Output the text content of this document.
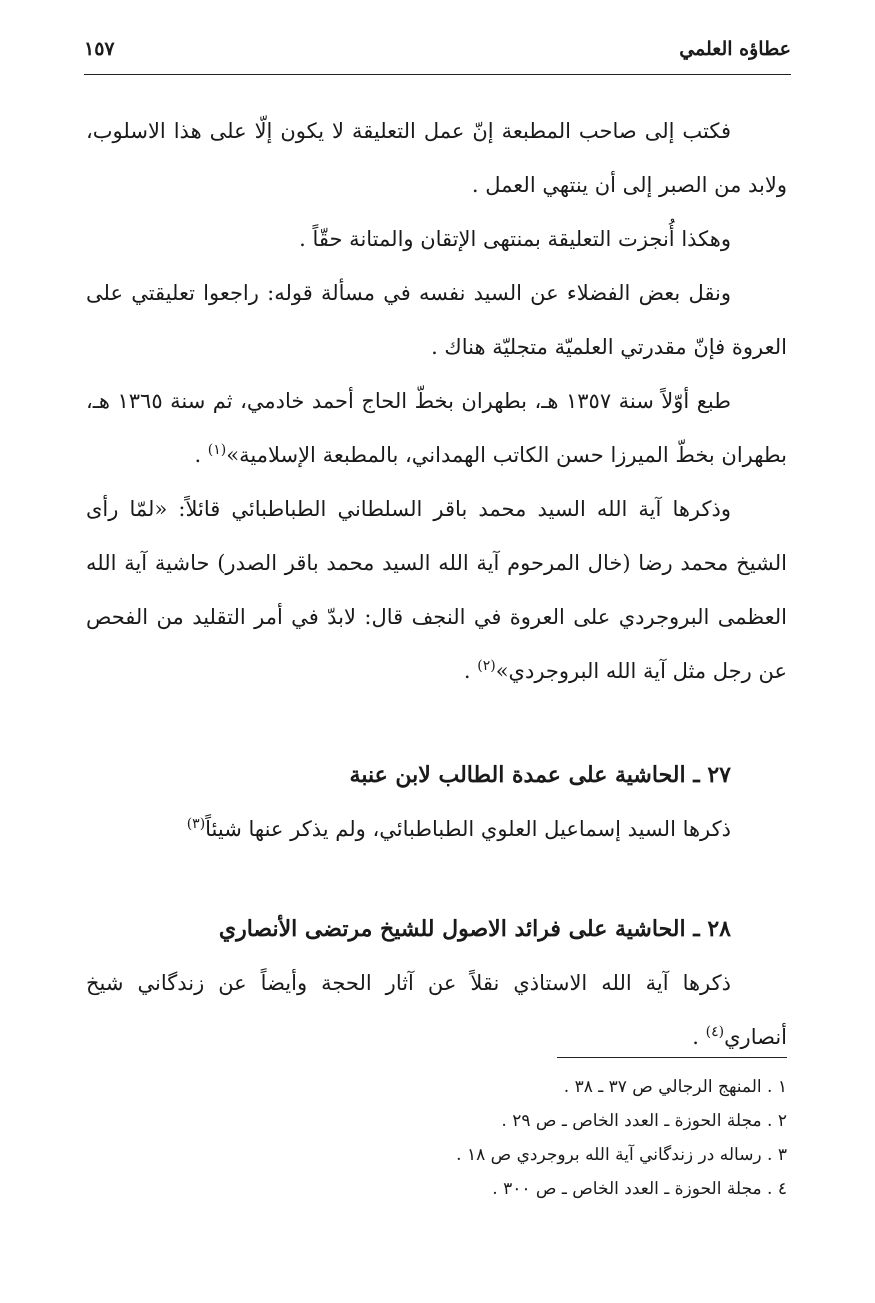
عطاؤه العلمي
١٥٧

فكتب إلى صاحب المطبعة إنّ عمل التعليقة لا يكون إلّا على هذا الاسلوب، ولابد من الصبر إلى أن ينتهي العمل .

وهكذا أُنجزت التعليقة بمنتهى الإتقان والمتانة حقّاً .

ونقل بعض الفضلاء عن السيد نفسه في مسألة قوله: راجعوا تعليقتي على العروة فإنّ مقدرتي العلميّة متجليّة هناك .

طبع أوّلاً سنة ١٣٥٧ هـ، بطهران بخطّ الحاج أحمد خادمي، ثم سنة ١٣٦٥ هـ، بطهران بخطّ الميرزا حسن الكاتب الهمداني، بالمطبعة الإسلامية»$^{(١)}$ .

وذكرها آية الله السيد محمد باقر السلطاني الطباطبائي قائلاً: «لمّا رأى الشيخ محمد رضا (خال المرحوم آية الله السيد محمد باقر الصدر) حاشية آية الله العظمى البروجردي على العروة في النجف قال: لابدّ في أمر التقليد من الفحص عن رجل مثل آية الله البروجردي»$^{(٢)}$ .

٢٧ ـ الحاشية على عمدة الطالب لابن عنبة

ذكرها السيد إسماعيل العلوي الطباطبائي، ولم يذكر عنها شيئاً$^{(٣)}$

٢٨ ـ الحاشية على فرائد الاصول للشيخ مرتضى الأنصاري

ذكرها آية الله الاستاذي نقلاً عن آثار الحجة وأيضاً عن زندگاني شيخ أنصاري$^{(٤)}$ .

١ . المنهج الرجالي ص ٣٧ ـ ٣٨ .

٢ . مجلة الحوزة ـ العدد الخاص ـ ص ٢٩ .

٣ . رساله در زندگاني آية الله بروجردي ص ١٨ .

٤ . مجلة الحوزة ـ العدد الخاص ـ ص ٣٠٠ .
